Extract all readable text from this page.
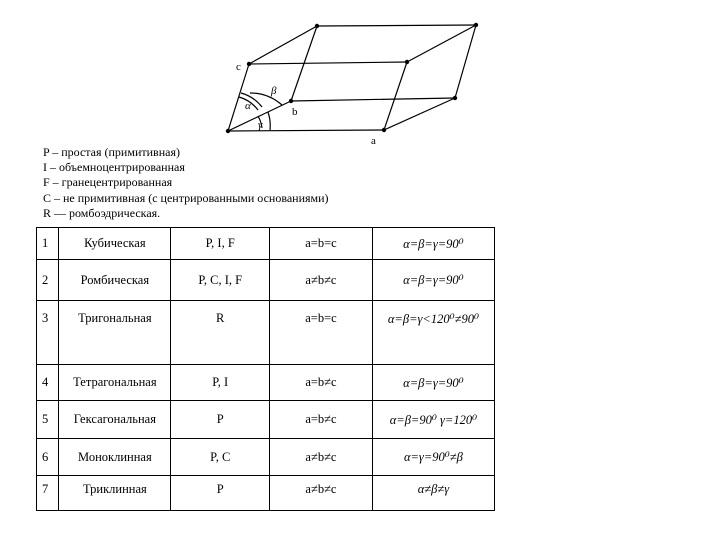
c
b
a
α
β
γ
P – простая (примитивная)
I – объемноцентрированная
F – гранецентрированная
C – не примитивная (с центрированными основаниями)
R — ромбоэдрическая.
1	Кубическая	P, I, F	a=b=c	α=β=γ=90⁰
2	Ромбическая	P, C, I, F	a≠b≠c	α=β=γ=90⁰
3	Тригональная	R	a=b=c	α=β=γ<120⁰≠90⁰
4	Тетрагональная	P, I	a=b≠c	α=β=γ=90⁰
5	Гексагональная	P	a=b≠c	α=β=90⁰ γ=120⁰
6	Моноклинная	P, C	a≠b≠c	α=γ=90⁰≠β
7	Триклинная	P	a≠b≠c	α≠β≠γ
